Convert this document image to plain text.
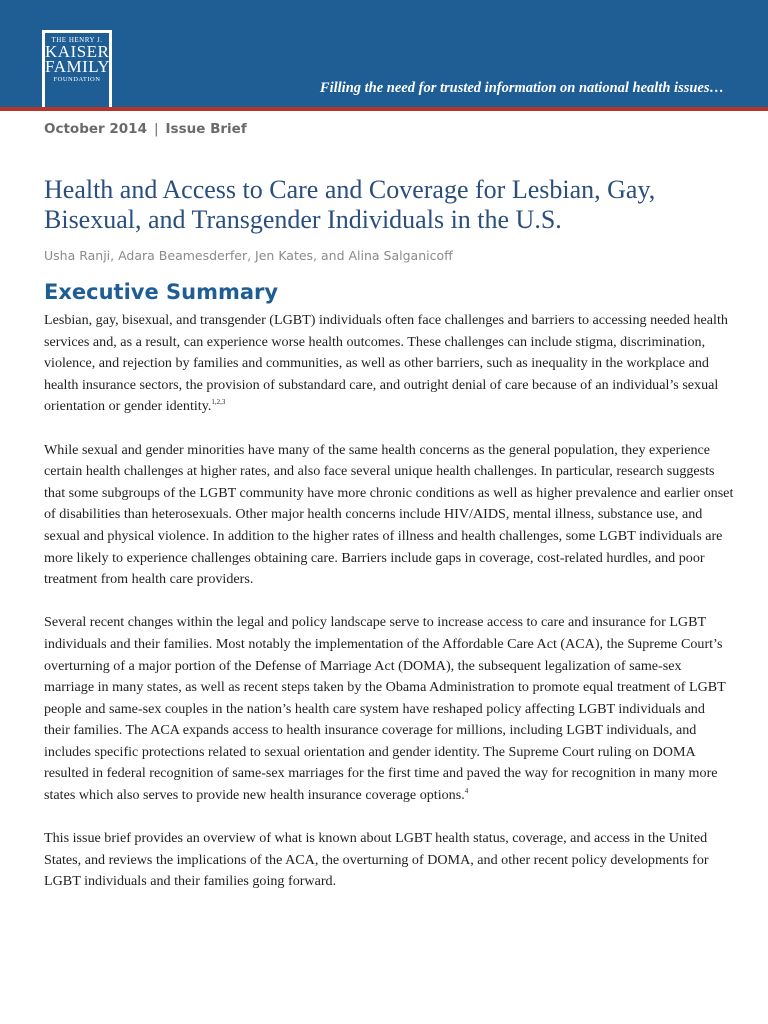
THE HENRY J.
KAISER
FAMILY
FOUNDATION
Filling the need for trusted information on national health issues…
October 2014 | Issue Brief
Health and Access to Care and Coverage for Lesbian, Gay, Bisexual, and Transgender Individuals in the U.S.
Usha Ranji, Adara Beamesderfer, Jen Kates, and Alina Salganicoff
Executive Summary

Lesbian, gay, bisexual, and transgender (LGBT) individuals often face challenges and barriers to accessing needed health services and, as a result, can experience worse health outcomes. These challenges can include stigma, discrimination, violence, and rejection by families and communities, as well as other barriers, such as inequality in the workplace and health insurance sectors, the provision of substandard care, and outright denial of care because of an individual’s sexual orientation or gender identity.$^{1,2,3}$

While sexual and gender minorities have many of the same health concerns as the general population, they experience certain health challenges at higher rates, and also face several unique health challenges. In particular, research suggests that some subgroups of the LGBT community have more chronic conditions as well as higher prevalence and earlier onset of disabilities than heterosexuals. Other major health concerns include HIV/AIDS, mental illness, substance use, and sexual and physical violence. In addition to the higher rates of illness and health challenges, some LGBT individuals are more likely to experience challenges obtaining care. Barriers include gaps in coverage, cost-related hurdles, and poor treatment from health care providers.

Several recent changes within the legal and policy landscape serve to increase access to care and insurance for LGBT individuals and their families. Most notably the implementation of the Affordable Care Act (ACA), the Supreme Court’s overturning of a major portion of the Defense of Marriage Act (DOMA), the subsequent legalization of same-sex marriage in many states, as well as recent steps taken by the Obama Administration to promote equal treatment of LGBT people and same-sex couples in the nation’s health care system have reshaped policy affecting LGBT individuals and their families. The ACA expands access to health insurance coverage for millions, including LGBT individuals, and includes specific protections related to sexual orientation and gender identity. The Supreme Court ruling on DOMA resulted in federal recognition of same-sex marriages for the first time and paved the way for recognition in many more states which also serves to provide new health insurance coverage options.$^4$

This issue brief provides an overview of what is known about LGBT health status, coverage, and access in the United States, and reviews the implications of the ACA, the overturning of DOMA, and other recent policy developments for LGBT individuals and their families going forward.
